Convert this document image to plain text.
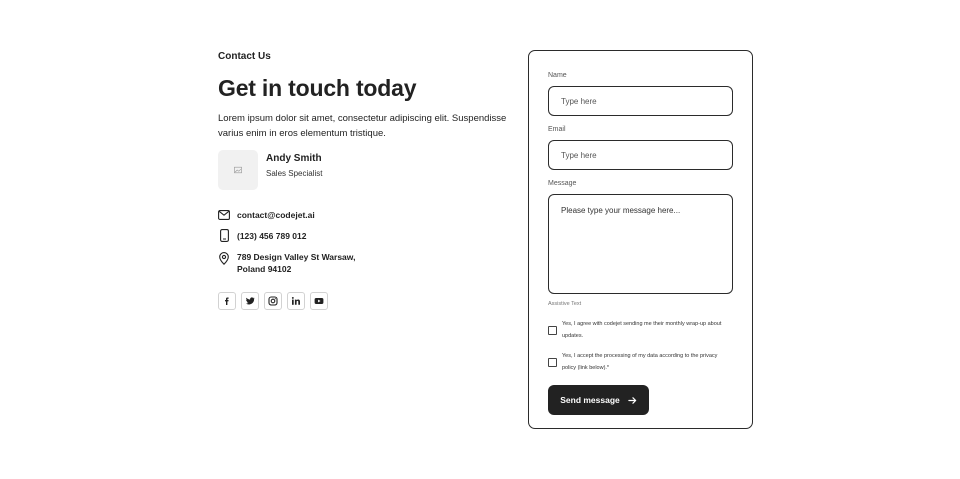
Contact Us
Get in touch today
Lorem ipsum dolor sit amet, consectetur adipiscing elit. Suspendisse varius enim in eros elementum tristique.
Andy Smith
Sales Specialist
contact@codejet.ai
(123) 456 789 012
789 Design Valley St Warsaw, Poland 94102
Name
Type here
Email
Type here
Message
Please type your message here...
Assistive Text
Yes, I agree with codejet sending me their monthly wrap-up about updates.
Yes, I accept the processing of my data according to the privacy policy (link below).*
Send message
